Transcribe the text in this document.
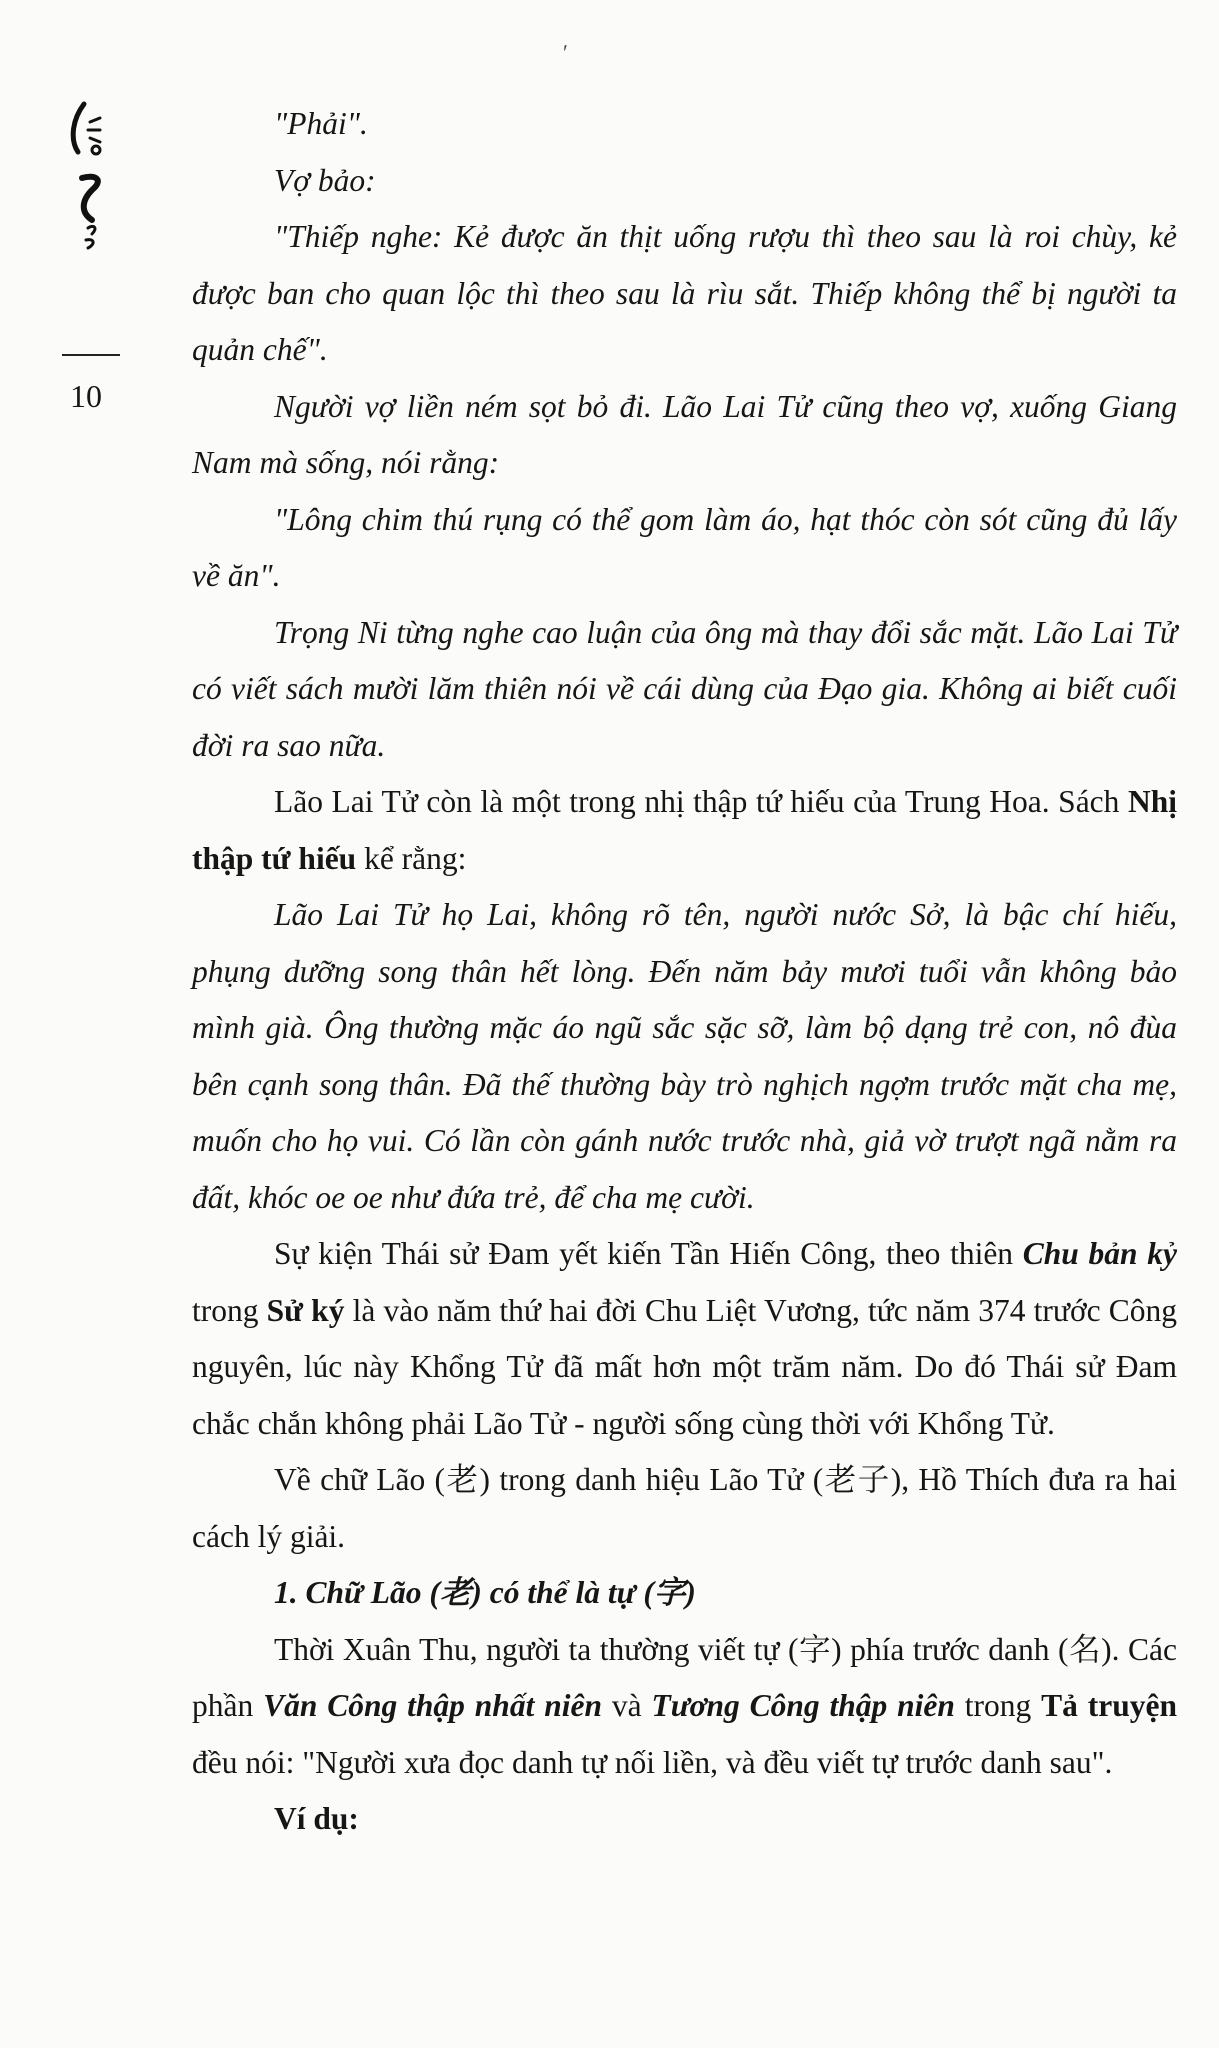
ʹ
10

"Phải".

Vợ bảo:

"Thiếp nghe: Kẻ được ăn thịt uống rượu thì theo sau là roi chùy, kẻ được ban cho quan lộc thì theo sau là rìu sắt. Thiếp không thể bị người ta quản chế".

Người vợ liền ném sọt bỏ đi. Lão Lai Tử cũng theo vợ, xuống Giang Nam mà sống, nói rằng:

"Lông chim thú rụng có thể gom làm áo, hạt thóc còn sót cũng đủ lấy về ăn".

Trọng Ni từng nghe cao luận của ông mà thay đổi sắc mặt. Lão Lai Tử có viết sách mười lăm thiên nói về cái dùng của Đạo gia. Không ai biết cuối đời ra sao nữa.

Lão Lai Tử còn là một trong nhị thập tứ hiếu của Trung Hoa. Sách Nhị thập tứ hiếu kể rằng:

Lão Lai Tử họ Lai, không rõ tên, người nước Sở, là bậc chí hiếu, phụng dưỡng song thân hết lòng. Đến năm bảy mươi tuổi vẫn không bảo mình già. Ông thường mặc áo ngũ sắc sặc sỡ, làm bộ dạng trẻ con, nô đùa bên cạnh song thân. Đã thế thường bày trò nghịch ngợm trước mặt cha mẹ, muốn cho họ vui. Có lần còn gánh nước trước nhà, giả vờ trượt ngã nằm ra đất, khóc oe oe như đứa trẻ, để cha mẹ cười.

Sự kiện Thái sử Đam yết kiến Tần Hiến Công, theo thiên Chu bản kỷ trong Sử ký là vào năm thứ hai đời Chu Liệt Vương, tức năm 374 trước Công nguyên, lúc này Khổng Tử đã mất hơn một trăm năm. Do đó Thái sử Đam chắc chắn không phải Lão Tử - người sống cùng thời với Khổng Tử.

Về chữ Lão (老) trong danh hiệu Lão Tử (老子), Hồ Thích đưa ra hai cách lý giải.

1. Chữ Lão (老) có thể là tự (字)

Thời Xuân Thu, người ta thường viết tự (字) phía trước danh (名). Các phần Văn Công thập nhất niên và Tương Công thập niên trong Tả truyện đều nói: "Người xưa đọc danh tự nối liền, và đều viết tự trước danh sau".

Ví dụ:
